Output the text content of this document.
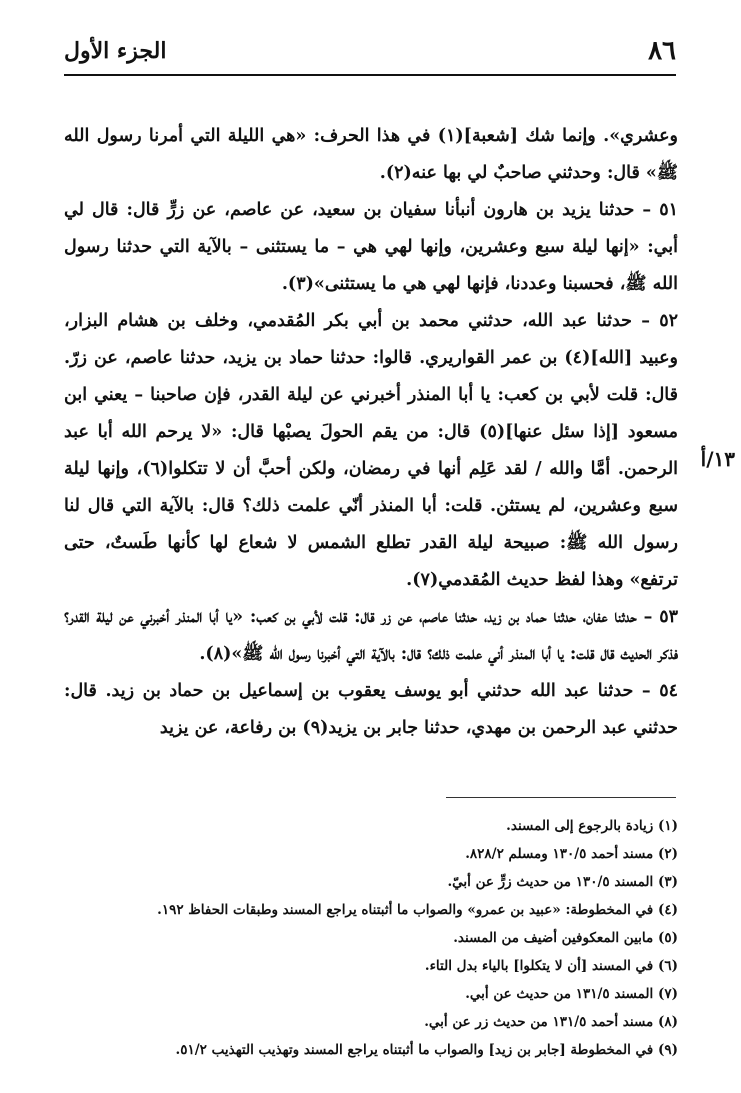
٨٦
الجزء الأول
١٣/أ

وعشري». وإنما شك [شعبة](١) في هذا الحرف: «هي الليلة التي أمرنا رسول الله ﷺ» قال: وحدثني صاحبٌ لي بها عنه(٢).

٥١ – حدثنا يزيد بن هارون أنبأنا سفيان بن سعيد، عن عاصم، عن زرٍّ قال: قال لي أبي: «إنها ليلة سبع وعشرين، وإنها لهي هي – ما يستثنى – بالآية التي حدثنا رسول الله ﷺ، فحسبنا وعددنا، فإنها لهي هي ما يستثنى»(٣).

٥٢ – حدثنا عبد الله، حدثني محمد بن أبي بكر المُقدمي، وخلف بن هشام البزار، وعبيد [الله](٤) بن عمر القواريري. قالوا: حدثنا حماد بن يزيد، حدثنا عاصم، عن زرّ. قال: قلت لأبي بن كعب: يا أبا المنذر أخبرني عن ليلة القدر، فإن صاحبنا – يعني ابن مسعود [إذا سئل عنها](٥) قال: من يقم الحولَ يصبْها قال: «لا يرحم الله أبا عبد الرحمن. أمَّا والله / لقد عَلِم أنها في رمضان، ولكن أحبَّ أن لا تتكلوا(٦)، وإنها ليلة سبع وعشرين، لم يستثن. قلت: أبا المنذر أنّي علمت ذلك؟ قال: بالآية التي قال لنا رسول الله ﷺ: صبيحة ليلة القدر تطلع الشمس لا شعاع لها كأنها طَستٌ، حتى ترتفع» وهذا لفظ حديث المُقدمي(٧).

٥٣ – حدثنا عفان، حدثنا حماد بن زيد، حدثنا عاصم، عن زر قال: قلت لأبي بن كعب: «يا أبا المنذر أخبرني عن ليلة القدر؟ فذكر الحديث قال قلت: يا أبا المنذر أني علمت ذلك؟ قال: بالآية التي أخبرنا رسول الله ﷺ»(٨).

٥٤ – حدثنا عبد الله حدثني أبو يوسف يعقوب بن إسماعيل بن حماد بن زيد. قال: حدثني عبد الرحمن بن مهدي، حدثنا جابر بن يزيد(٩) بن رفاعة، عن يزيد

(١) زيادة بالرجوع إلى المسند.

(٢) مسند أحمد ١٣٠/٥ ومسلم ٨٢٨/٢.

(٣) المسند ١٣٠/٥ من حديث زرٍّ عن أبيّ.

(٤) في المخطوطة: «عبيد بن عمرو» والصواب ما أثبتناه يراجع المسند وطبقات الحفاظ ١٩٢.

(٥) مابين المعكوفين أضيف من المسند.

(٦) في المسند [أن لا يتكلوا] بالياء بدل التاء.

(٧) المسند ١٣١/٥ من حديث عن أبي.

(٨) مسند أحمد ١٣١/٥ من حديث زر عن أبي.

(٩) في المخطوطة [جابر بن زيد] والصواب ما أثبتناه يراجع المسند وتهذيب التهذيب ٥١/٢.
